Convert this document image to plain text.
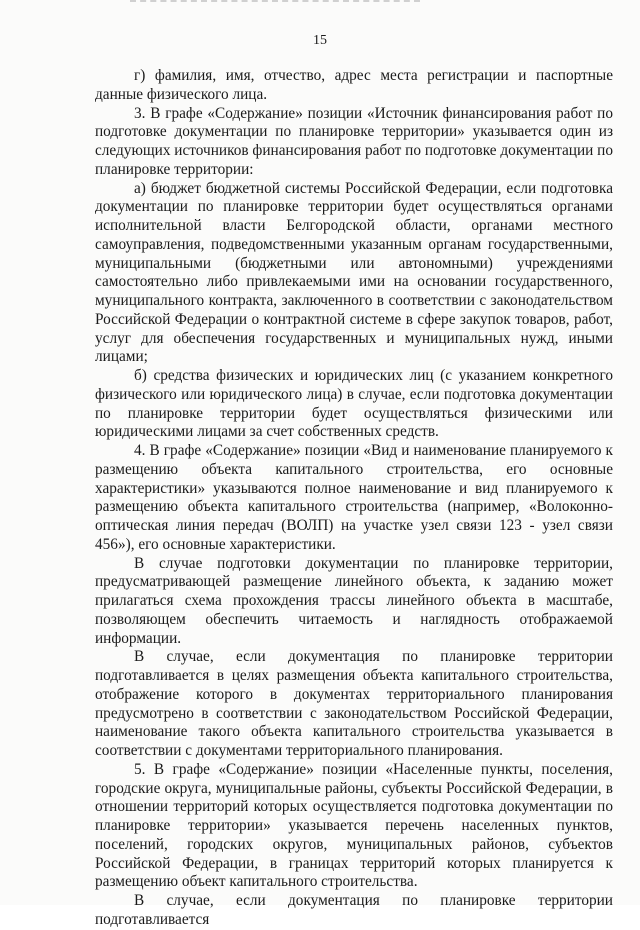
15

г) фамилия, имя, отчество, адрес места регистрации и паспортные данные физического лица.

3. В графе «Содержание» позиции «Источник финансирования работ по подготовке документации по планировке территории» указывается один из следующих источников финансирования работ по подготовке документации по планировке территории:

а) бюджет бюджетной системы Российской Федерации, если подготовка документации по планировке территории будет осуществляться органами исполнительной власти Белгородской области, органами местного самоуправления, подведомственными указанным органам государственными, муниципальными (бюджетными или автономными) учреждениями самостоятельно либо привлекаемыми ими на основании государственного, муниципального контракта, заключенного в соответствии с законодательством Российской Федерации о контрактной системе в сфере закупок товаров, работ, услуг для обеспечения государственных и муниципальных нужд, иными лицами;

б) средства физических и юридических лиц (с указанием конкретного физического или юридического лица) в случае, если подготовка документации по планировке территории будет осуществляться физическими или юридическими лицами за счет собственных средств.

4. В графе «Содержание» позиции «Вид и наименование планируемого к размещению объекта капитального строительства, его основные характеристики» указываются полное наименование и вид планируемого к размещению объекта капитального строительства (например, «Волоконно-оптическая линия передач (ВОЛП) на участке узел связи 123 - узел связи 456»), его основные характеристики.

В случае подготовки документации по планировке территории, предусматривающей размещение линейного объекта, к заданию может прилагаться схема прохождения трассы линейного объекта в масштабе, позволяющем обеспечить читаемость и наглядность отображаемой информации.

В случае, если документация по планировке территории подготавливается в целях размещения объекта капитального строительства, отображение которого в документах территориального планирования предусмотрено в соответствии с законодательством Российской Федерации, наименование такого объекта капитального строительства указывается в соответствии с документами территориального планирования.

5. В графе «Содержание» позиции «Населенные пункты, поселения, городские округа, муниципальные районы, субъекты Российской Федерации, в отношении территорий которых осуществляется подготовка документации по планировке территории» указывается перечень населенных пунктов, поселений, городских округов, муниципальных районов, субъектов Российской Федерации, в границах территорий которых планируется к размещению объект капитального строительства.

В случае, если документация по планировке территории подготавливается
